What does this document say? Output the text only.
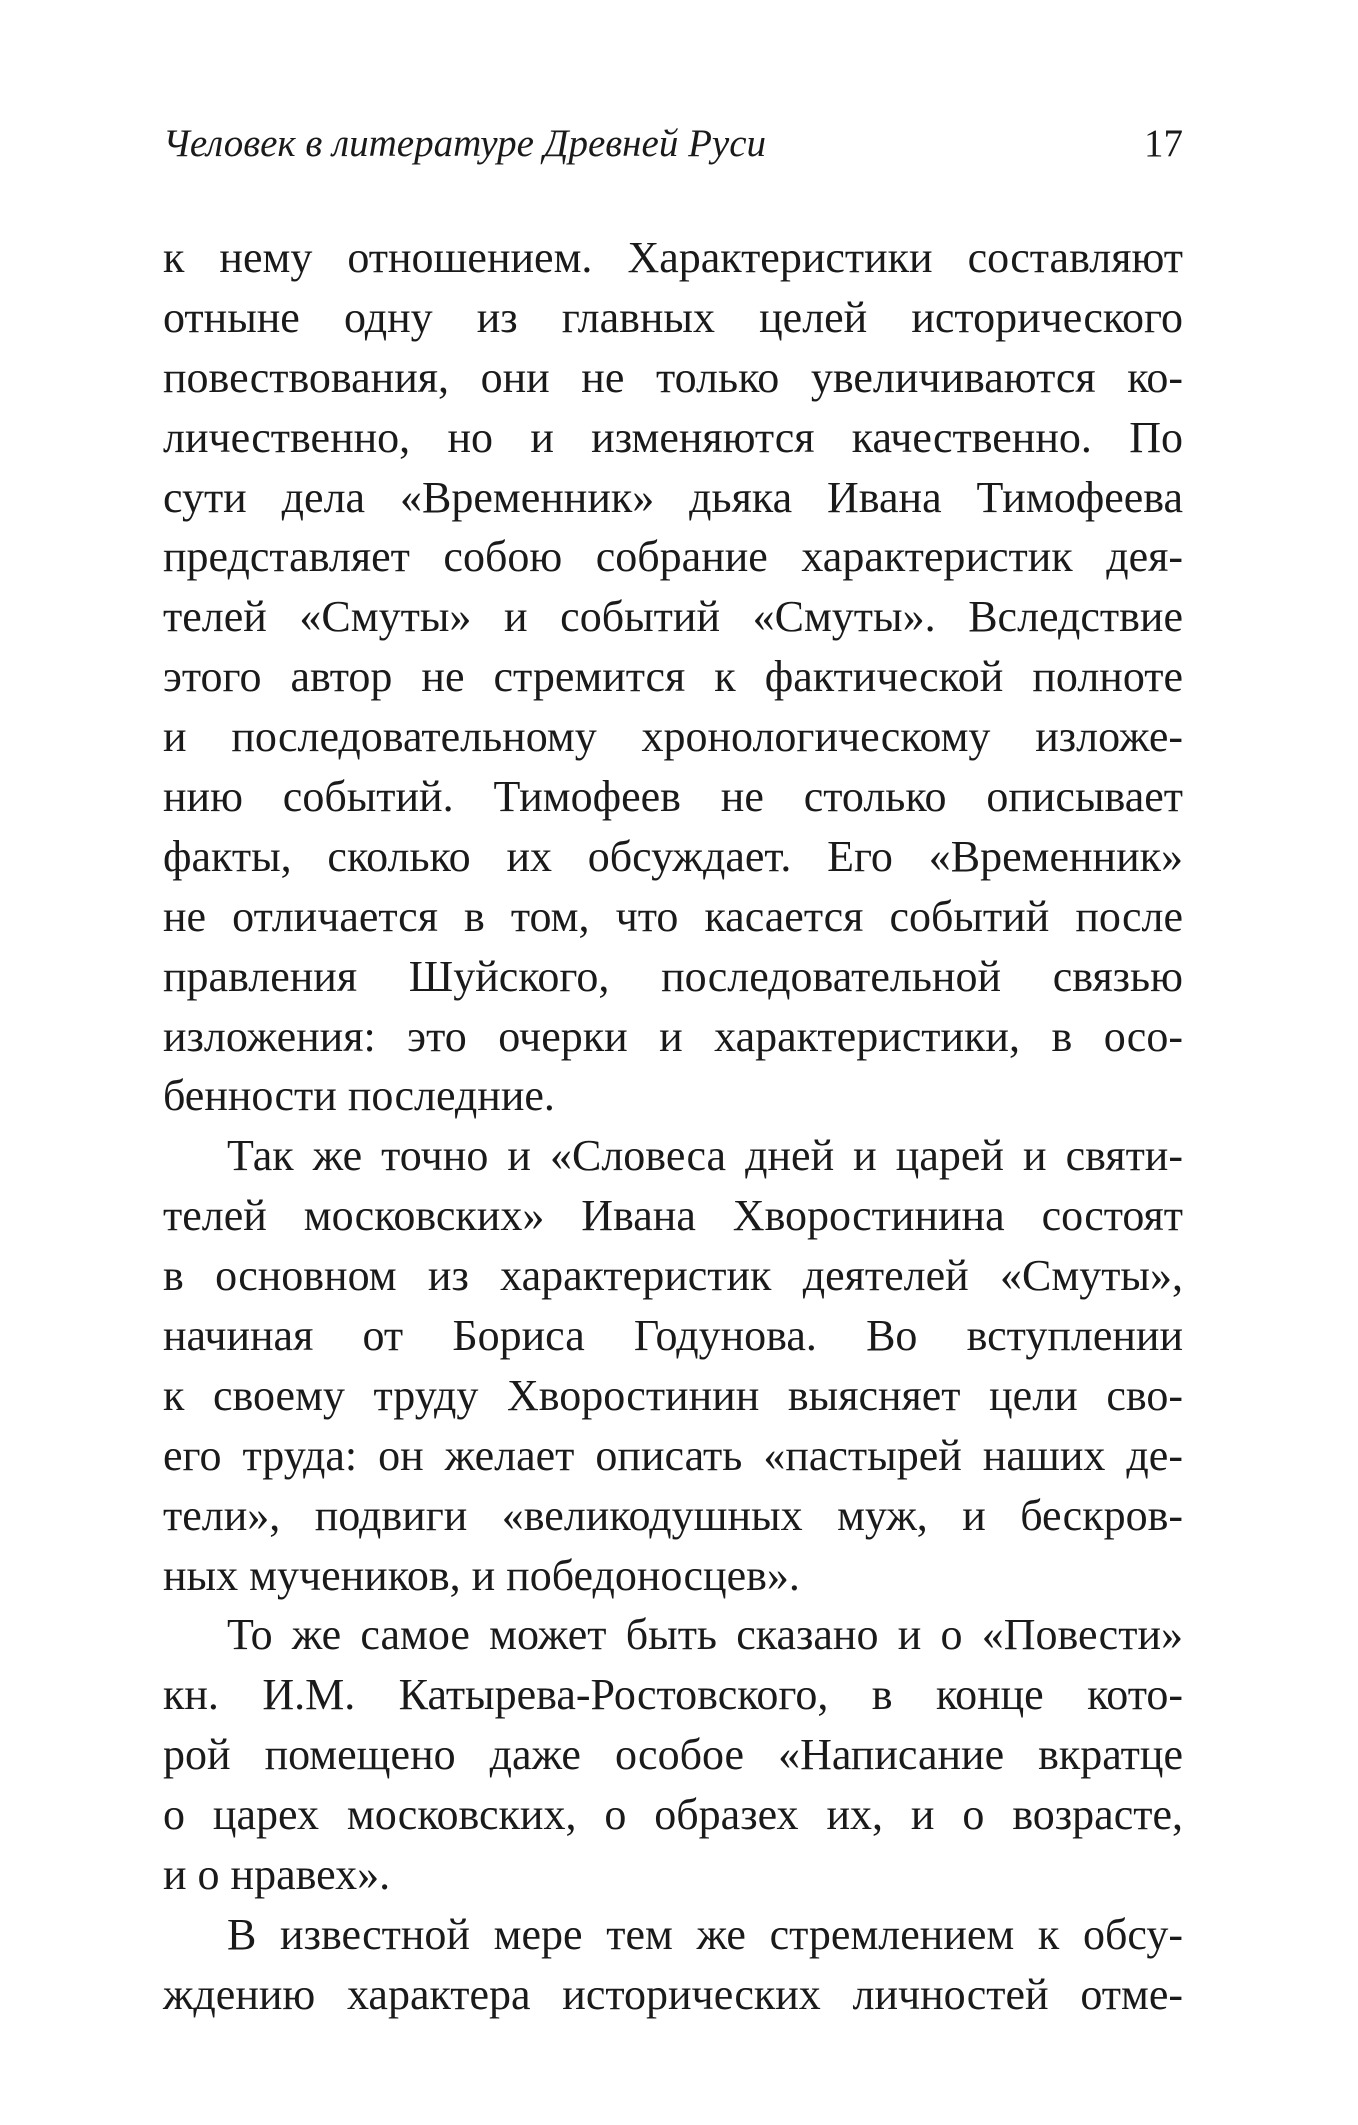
Человек в литературе Древней Руси	17
к нему отношением. Характеристики составляют
отныне одну из главных целей исторического
повествования, они не только увеличиваются ко-
личественно, но и изменяются качественно. По
сути дела «Временник» дьяка Ивана Тимофеева
представляет собою собрание характеристик дея-
телей «Смуты» и событий «Смуты». Вследствие
этого автор не стремится к фактической полноте
и последовательному хронологическому изложе-
нию событий. Тимофеев не столько описывает
факты, сколько их обсуждает. Его «Временник»
не отличается в том, что касается событий после
правления Шуйского, последовательной связью
изложения: это очерки и характеристики, в осо-
бенности последние.
Так же точно и «Словеса дней и царей и святи-
телей московских» Ивана Хворостинина состоят
в основном из характеристик деятелей «Смуты»,
начиная от Бориса Годунова. Во вступлении
к своему труду Хворостинин выясняет цели сво-
его труда: он желает описать «пастырей наших де-
тели», подвиги «великодушных муж, и бескров-
ных мучеников, и победоносцев».
То же самое может быть сказано и о «Повести»
кн. И.М. Катырева-Ростовского, в конце кото-
рой помещено даже особое «Написание вкратце
о царех московских, о образех их, и о возрасте,
и о нравех».
В известной мере тем же стремлением к обсу-
ждению характера исторических личностей отме-
